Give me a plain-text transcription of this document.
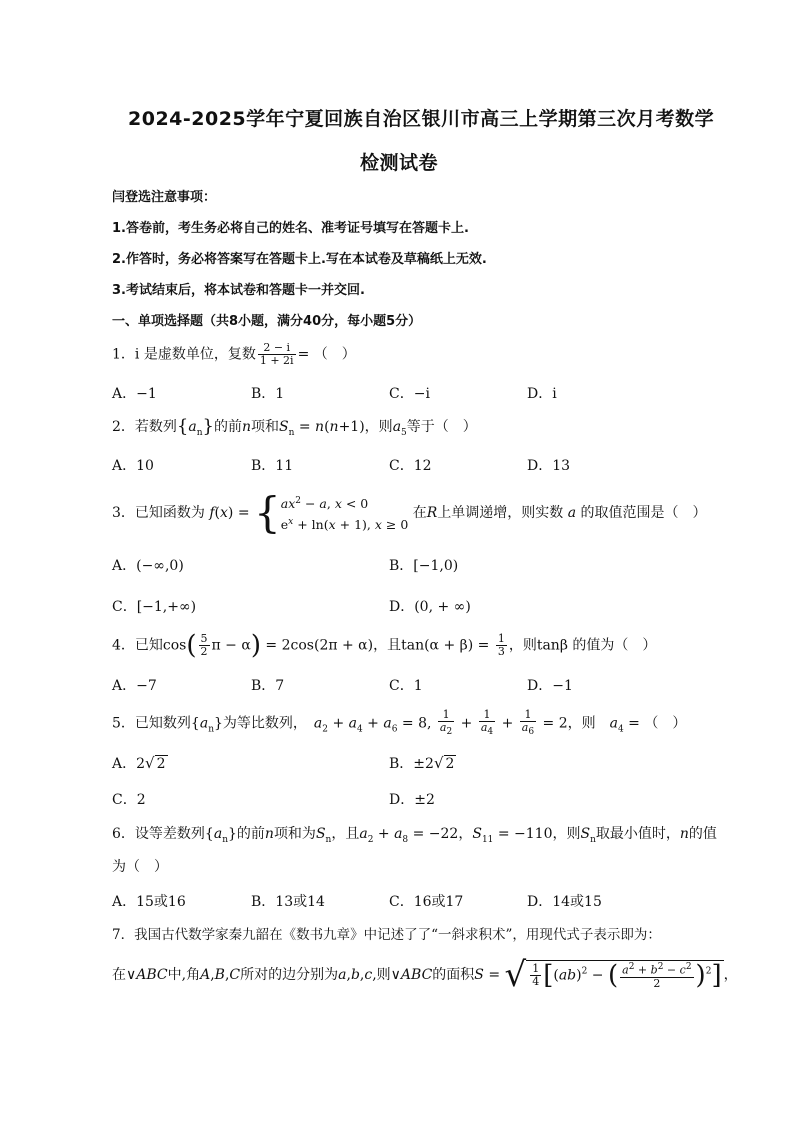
2024-2025学年宁夏回族自治区银川市高三上学期第三次月考数学
检测试卷
闫登选注意事项：
1.答卷前，考生务必将自己的姓名、准考证号填写在答题卡上.
2.作答时，务必将答案写在答题卡上.写在本试卷及草稿纸上无效.
3.考试结束后，将本试卷和答题卡一并交回.
一、单项选择题（共8小题，满分40分，每小题5分）
1．i 是虚数单位，复数 $\frac{2 - i}{1 + 2i}$ = （　）
A．−1	B．1	C．−i	D．i
2．若数列$\{a_n\}$的前n项和$S_n = n(n+1)$，则$a_5$等于（　）
A．10	B．11	C．12	D．13
3．已知函数为 f(x) = { $ax^2 - a$, x < 0
$e^x + \ln(x + 1)$, x ≥ 0
在R上单调递增，则实数 a 的取值范围是（　）
A．(−∞,0)	B．[−1,0)
C．[−1,+∞)	D．(0, + ∞)
4．已知$\cos( \frac{5}{2}$ π − α) = 2cos(2π + α)，且$\tan(\alpha + \beta) = \frac{1}{3}$ ，则tanβ 的值为（　）
A．−7	B．7	C．1	D．−1
5．已知数列$\{a_n\}$为等比数列，　$a_2 + a_4 + a_6 = 8$, $\frac{1}{a_2} + \frac{1}{a_4} + \frac{1}{a_6} = 2$，则　$a_4$ = （　）
A．2√ 2	B．±2√ 2
C．2	D．±2
6．设等差数列$\{a_n\}$的前n项和为$S_n$，且$a_2 + a_8 = -22$，$S_{11} = -110$，则$S_n$取最小值时，n的值
为（　）
A．15或16	B．13或14	C．16或17	D．14或15
7．我国古代数学家秦九韶在《数书九章》中记述了了“一斜求积术”，用现代式子表示即为：
在∨ABC中,角A,B,C所对的边分别为a,b,c,则∨ABC的面积S = √ $\frac{1}{4} [(ab)^2$ − ( $\frac{a^2 + b^2 - c^2}{2} )^2$] ，
